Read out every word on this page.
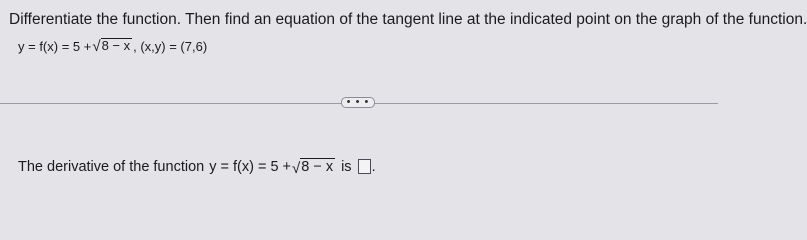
Differentiate the function. Then find an equation of the tangent line at the indicated point on the graph of the function.
y = f(x) = 5 + √ 8 − x , (x,y) = (7,6)
• • •
The derivative of the function y = f(x) = 5 + √ 8 − x is .
